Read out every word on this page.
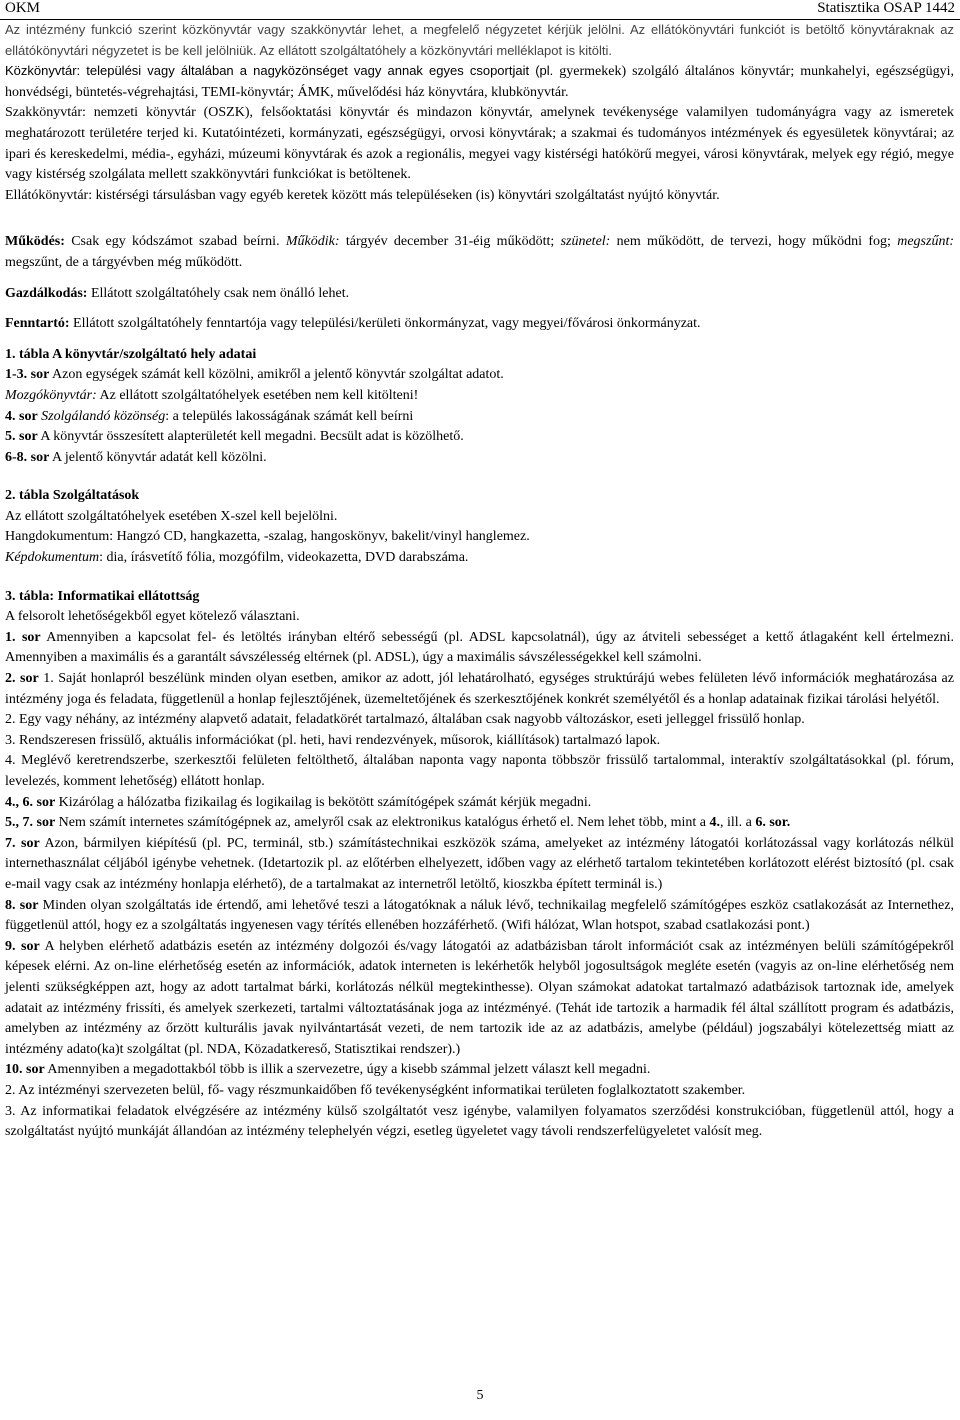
OKM	Statisztika OSAP 1442

Az intézmény funkció szerint közkönyvtár vagy szakkönyvtár lehet, a megfelelő négyzetet kérjük jelölni. Az ellátókönyvtári funkciót is betöltő könyvtáraknak az ellátókönyvtári négyzetet is be kell jelölniük. Az ellátott szolgáltatóhely a közkönyvtári melléklapot is kitölti.

Közkönyvtár: települési vagy általában a nagyközönséget vagy annak egyes csoportjait (pl. gyermekek) szolgáló általános könyvtár; munkahelyi, egészségügyi, honvédségi, büntetés-végrehajtási, TEMI-könyvtár; ÁMK, művelődési ház könyvtára, klubkönyvtár.

Szakkönyvtár: nemzeti könyvtár (OSZK), felsőoktatási könyvtár és mindazon könyvtár, amelynek tevékenysége valamilyen tudományágra vagy az ismeretek meghatározott területére terjed ki. Kutatóintézeti, kormányzati, egészségügyi, orvosi könyvtárak; a szakmai és tudományos intézmények és egyesületek könyvtárai; az ipari és kereskedelmi, média-, egyházi, múzeumi könyvtárak és azok a regionális, megyei vagy kistérségi hatókörű megyei, városi könyvtárak, melyek egy régió, megye vagy kistérség szolgálata mellett szakkönyvtári funkciókat is betöltenek.

Ellátókönyvtár: kistérségi társulásban vagy egyéb keretek között más településeken (is) könyvtári szolgáltatást nyújtó könyvtár.

Működés: Csak egy kódszámot szabad beírni. Működik: tárgyév december 31-éig működött; szünetel: nem működött, de tervezi, hogy működni fog; megszűnt: megszűnt, de a tárgyévben még működött.

Gazdálkodás: Ellátott szolgáltatóhely csak nem önálló lehet.

Fenntartó: Ellátott szolgáltatóhely fenntartója vagy települési/kerületi önkormányzat, vagy megyei/fővárosi önkormányzat.

1. tábla A könyvtár/szolgáltató hely adatai

1-3. sor Azon egységek számát kell közölni, amikről a jelentő könyvtár szolgáltat adatot.

Mozgókönyvtár: Az ellátott szolgáltatóhelyek esetében nem kell kitölteni!

4. sor Szolgálandó közönség: a település lakosságának számát kell beírni

5. sor A könyvtár összesített alapterületét kell megadni. Becsült adat is közölhető.

6-8. sor A jelentő könyvtár adatát kell közölni.

2. tábla Szolgáltatások

Az ellátott szolgáltatóhelyek esetében X-szel kell bejelölni.

Hangdokumentum: Hangzó CD, hangkazetta, -szalag, hangoskönyv, bakelit/vinyl hanglemez.

Képdokumentum: dia, írásvetítő fólia, mozgófilm, videokazetta, DVD darabszáma.

3. tábla: Informatikai ellátottság

A felsorolt lehetőségekből egyet kötelező választani.

1. sor Amennyiben a kapcsolat fel- és letöltés irányban eltérő sebességű (pl. ADSL kapcsolatnál), úgy az átviteli sebességet a kettő átlagaként kell értelmezni. Amennyiben a maximális és a garantált sávszélesség eltérnek (pl. ADSL), úgy a maximális sávszélességekkel kell számolni.

2. sor 1. Saját honlapról beszélünk minden olyan esetben, amikor az adott, jól lehatárolható, egységes struktúrájú webes felületen lévő információk meghatározása az intézmény joga és feladata, függetlenül a honlap fejlesztőjének, üzemeltetőjének és szerkesztőjének konkrét személyétől és a honlap adatainak fizikai tárolási helyétől.

2. Egy vagy néhány, az intézmény alapvető adatait, feladatkörét tartalmazó, általában csak nagyobb változáskor, eseti jelleggel frissülő honlap.

3. Rendszeresen frissülő, aktuális információkat (pl. heti, havi rendezvények, műsorok, kiállítások) tartalmazó lapok.

4. Meglévő keretrendszerbe, szerkesztői felületen feltölthető, általában naponta vagy naponta többször frissülő tartalommal, interaktív szolgáltatásokkal (pl. fórum, levelezés, komment lehetőség) ellátott honlap.

4., 6. sor Kizárólag a hálózatba fizikailag és logikailag is bekötött számítógépek számát kérjük megadni.

5., 7. sor Nem számít internetes számítógépnek az, amelyről csak az elektronikus katalógus érhető el. Nem lehet több, mint a 4., ill. a 6. sor.

7. sor Azon, bármilyen kiépítésű (pl. PC, terminál, stb.) számítástechnikai eszközök száma, amelyeket az intézmény látogatói korlátozással vagy korlátozás nélkül internethasználat céljából igénybe vehetnek. (Idetartozik pl. az előtérben elhelyezett, időben vagy az elérhető tartalom tekintetében korlátozott elérést biztosító (pl. csak e-mail vagy csak az intézmény honlapja elérhető), de a tartalmakat az internetről letöltő, kioszkba épített terminál is.)

8. sor Minden olyan szolgáltatás ide értendő, ami lehetővé teszi a látogatóknak a náluk lévő, technikailag megfelelő számítógépes eszköz csatlakozását az Internethez, függetlenül attól, hogy ez a szolgáltatás ingyenesen vagy térítés ellenében hozzáférhető. (Wifi hálózat, Wlan hotspot, szabad csatlakozási pont.)

9. sor A helyben elérhető adatbázis esetén az intézmény dolgozói és/vagy látogatói az adatbázisban tárolt információt csak az intézményen belüli számítógépekről képesek elérni. Az on-line elérhetőség esetén az információk, adatok interneten is lekérhetők helyből jogosultságok megléte esetén (vagyis az on-line elérhetőség nem jelenti szükségképpen azt, hogy az adott tartalmat bárki, korlátozás nélkül megtekinthesse). Olyan számokat adatokat tartalmazó adatbázisok tartoznak ide, amelyek adatait az intézmény frissíti, és amelyek szerkezeti, tartalmi változtatásának joga az intézményé. (Tehát ide tartozik a harmadik fél által szállított program és adatbázis, amelyben az intézmény az őrzött kulturális javak nyilvántartását vezeti, de nem tartozik ide az az adatbázis, amelybe (például) jogszabályi kötelezettség miatt az intézmény adato(ka)t szolgáltat (pl. NDA, Közadatkereső, Statisztikai rendszer).)

10. sor Amennyiben a megadottakból több is illik a szervezetre, úgy a kisebb számmal jelzett választ kell megadni.

2. Az intézményi szervezeten belül, fő- vagy részmunkaidőben fő tevékenységként informatikai területen foglalkoztatott szakember.

3. Az informatikai feladatok elvégzésére az intézmény külső szolgáltatót vesz igénybe, valamilyen folyamatos szerződési konstrukcióban, függetlenül attól, hogy a szolgáltatást nyújtó munkáját állandóan az intézmény telephelyén végzi, esetleg ügyeletet vagy távoli rendszerfelügyeletet valósít meg.

5
